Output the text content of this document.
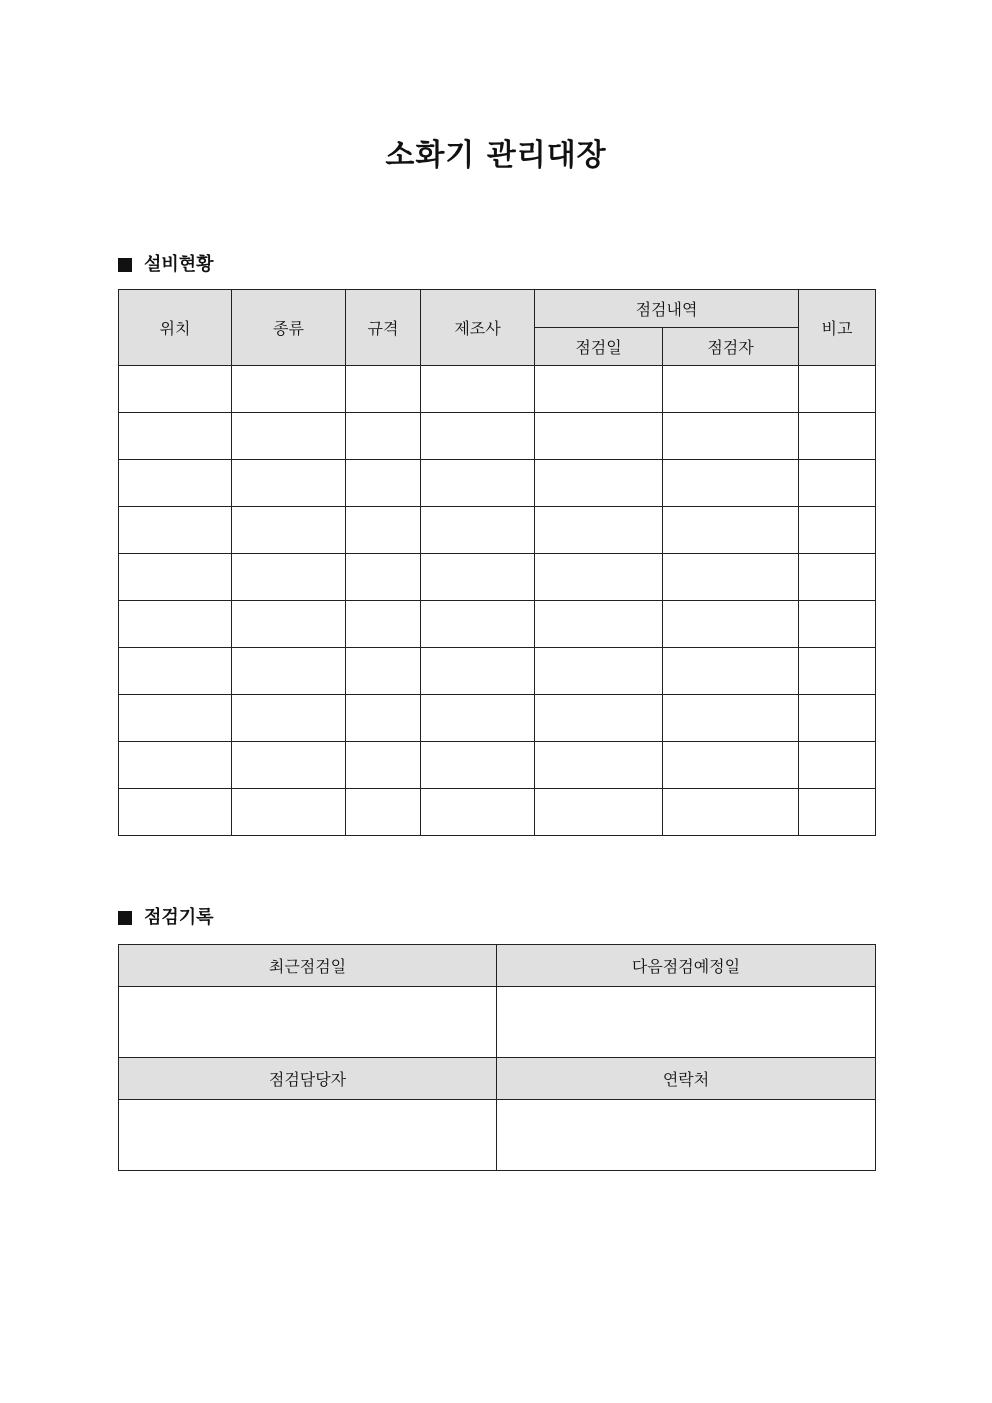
소화기 관리대장
설비현황
위치	종류	규격	제조사	점검내역		비고
				점검일	점검자	

점검기록
최근점검일	다음점검예정일

점검담당자	연락처
